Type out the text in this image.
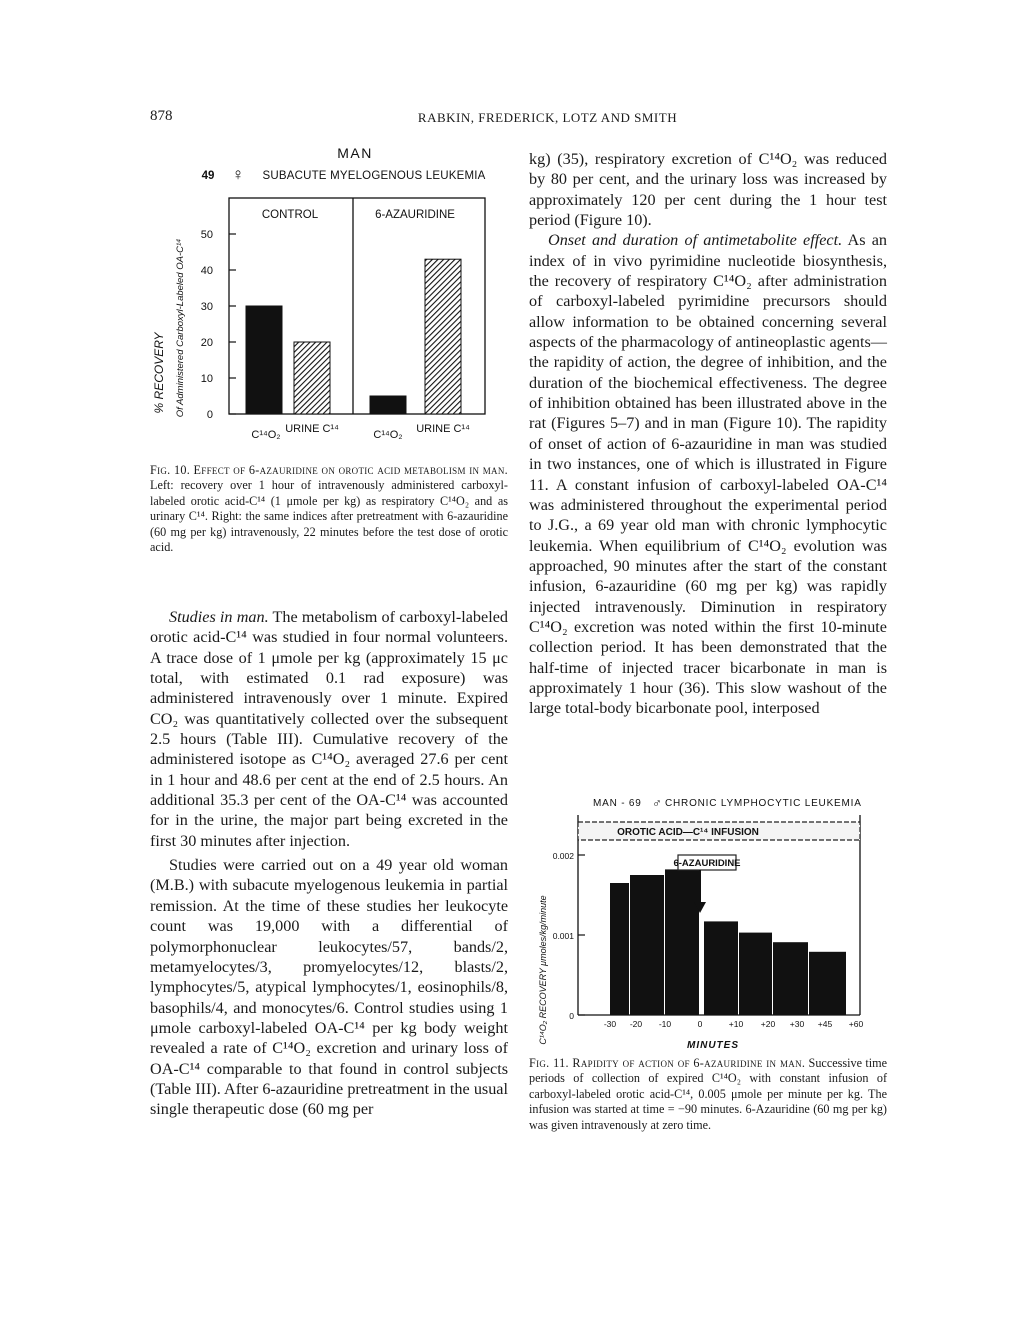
878	RABKIN, FREDERICK, LOTZ AND SMITH
MAN
49 ♀ SUBACUTE MYELOGENOUS LEUKEMIA
0
10
20
30
40
50
CONTROL	6-AZAURIDINE
% RECOVERY Of Administered Carboxyl-Labeled OA-C¹⁴
C¹⁴O₂ URINE C¹⁴	C¹⁴O₂ URINE C¹⁴
Fig. 10. Effect of 6-azauridine on orotic acid metabolism in man. Left: recovery over 1 hour of intravenously administered carboxyl-labeled orotic acid-C¹⁴ (1 μmole per kg) as respiratory C¹⁴O₂ and as urinary C¹⁴. Right: the same indices after pretreatment with 6-azauridine (60 mg per kg) intravenously, 22 minutes before the test dose of orotic acid.

Studies in man. The metabolism of carboxyl-labeled orotic acid-C¹⁴ was studied in four normal volunteers. A trace dose of 1 μmole per kg (approximately 15 μc total, with estimated 0.1 rad exposure) was administered intravenously over 1 minute. Expired CO₂ was quantitatively collected over the subsequent 2.5 hours (Table III). Cumulative recovery of the administered isotope as C¹⁴O₂ averaged 27.6 per cent in 1 hour and 48.6 per cent at the end of 2.5 hours. An additional 35.3 per cent of the OA-C¹⁴ was accounted for in the urine, the major part being excreted in the first 30 minutes after injection.

Studies were carried out on a 49 year old woman (M.B.) with subacute myelogenous leukemia in partial remission. At the time of these studies her leukocyte count was 19,000 with a differential of polymorphonuclear leukocytes/57, bands/2, metamyelocytes/3, promyelocytes/12, blasts/2, lymphocytes/5, atypical lymphocytes/1, eosinophils/8, basophils/4, and monocytes/6. Control studies using 1 μmole carboxyl-labeled OA-C¹⁴ per kg body weight revealed a rate of C¹⁴O₂ excretion and urinary loss of OA-C¹⁴ comparable to that found in control subjects (Table III). After 6-azauridine pretreatment in the usual single therapeutic dose (60 mg per

kg) (35), respiratory excretion of C¹⁴O₂ was reduced by 80 per cent, and the urinary loss was increased by approximately 120 per cent during the 1 hour test period (Figure 10).

Onset and duration of antimetabolite effect. As an index of in vivo pyrimidine nucleotide biosynthesis, the recovery of respiratory C¹⁴O₂ after administration of carboxyl-labeled pyrimidine precursors should allow information to be obtained concerning several aspects of the pharmacology of antineoplastic agents—the rapidity of action, the degree of inhibition, and the duration of the biochemical effectiveness. The degree of inhibition obtained has been illustrated above in the rat (Figures 5–7) and in man (Figure 10). The rapidity of onset of action of 6-azauridine in man was studied in two instances, one of which is illustrated in Figure 11. A constant infusion of carboxyl-labeled OA-C¹⁴ was administered throughout the experimental period to J.G., a 69 year old man with chronic lymphocytic leukemia. When equilibrium of C¹⁴O₂ evolution was approached, 90 minutes after the start of the constant infusion, 6-azauridine (60 mg per kg) was rapidly injected intravenously. Diminution in respiratory C¹⁴O₂ excretion was noted within the first 10-minute collection period. It has been demonstrated that the half-time of injected tracer bicarbonate in man is approximately 1 hour (36). This slow washout of the large total-body bicarbonate pool, interposed

MAN - 69 ♂ CHRONIC LYMPHOCYTIC LEUKEMIA
C¹⁴O₂ RECOVERY μmoles/kg/minute	0
0.001
0.002
-30 -20 -10	0	+10 +20 +30 +45 +60
OROTIC ACID—C¹⁴ INFUSION
6-AZAURIDINE
MINUTES
Fig. 11. Rapidity of action of 6-azauridine in man. Successive time periods of collection of expired C¹⁴O₂ with constant infusion of carboxyl-labeled orotic acid-C¹⁴, 0.005 μmole per minute per kg. The infusion was started at time = −90 minutes. 6-Azauridine (60 mg per kg) was given intravenously at zero time.
